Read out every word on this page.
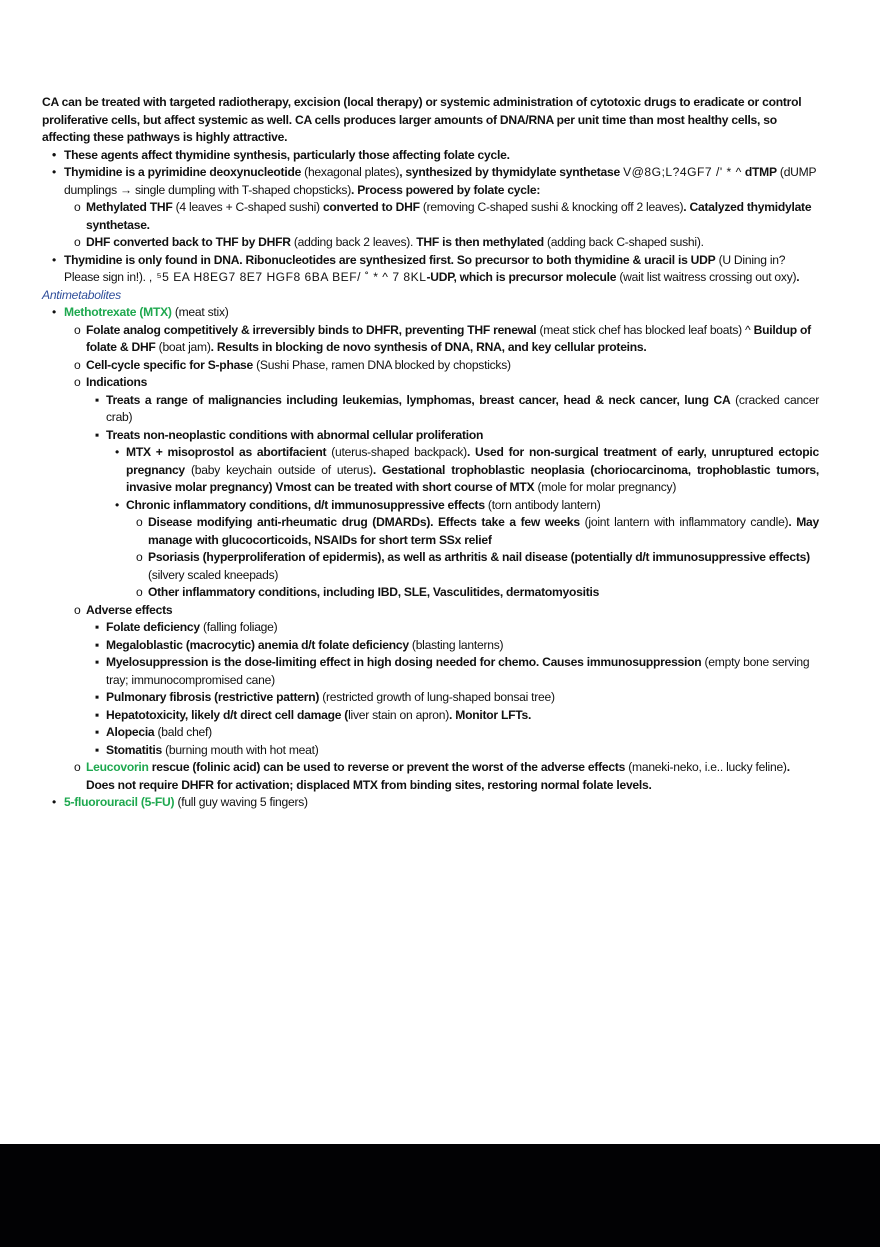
CA can be treated with targeted radiotherapy, excision (local therapy) or systemic administration of cytotoxic drugs to eradicate or control proliferative cells, but affect systemic as well. CA cells produces larger amounts of DNA/RNA per unit time than most healthy cells, so affecting these pathways is highly attractive.
• These agents affect thymidine synthesis, particularly those affecting folate cycle.
• Thymidine is a pyrimidine deoxynucleotide (hexagonal plates), synthesized by thymidylate synthetase V@8G;L?4GF7 /' * ^ dTMP (dUMP dumplings → single dumpling with T-shaped chopsticks). Process powered by folate cycle:
o Methylated THF (4 leaves + C-shaped sushi) converted to DHF (removing C-shaped sushi & knocking off 2 leaves). Catalyzed thymidylate synthetase.
o DHF converted back to THF by DHFR (adding back 2 leaves). THF is then methylated (adding back C-shaped sushi).
• Thymidine is only found in DNA. Ribonucleotides are synthesized first. So precursor to both thymidine & uracil is UDP (U Dining in? Please sign in!). , ⁵5 EA H8EG7 8E7 HGF8 6BA BEF/ ˚ * ^ 7 8KL-UDP, which is precursor molecule (wait list waitress crossing out oxy).
Antimetabolites
• Methotrexate (MTX) (meat stix)
o Folate analog competitively & irreversibly binds to DHFR, preventing THF renewal (meat stick chef has blocked leaf boats) ^ Buildup of folate & DHF (boat jam). Results in blocking de novo synthesis of DNA, RNA, and key cellular proteins.
o Cell-cycle specific for S-phase (Sushi Phase, ramen DNA blocked by chopsticks)
o Indications
▪ Treats a range of malignancies including leukemias, lymphomas, breast cancer, head & neck cancer, lung CA (cracked cancer crab)
▪ Treats non-neoplastic conditions with abnormal cellular proliferation
• MTX + misoprostol as abortifacient (uterus-shaped backpack). Used for non-surgical treatment of early, unruptured ectopic pregnancy (baby keychain outside of uterus). Gestational trophoblastic neoplasia (choriocarcinoma, trophoblastic tumors, invasive molar pregnancy) Vmost can be treated with short course of MTX (mole for molar pregnancy)
• Chronic inflammatory conditions, d/t immunosuppressive effects (torn antibody lantern)
o Disease modifying anti-rheumatic drug (DMARDs). Effects take a few weeks (joint lantern with inflammatory candle). May manage with glucocorticoids, NSAIDs for short term SSx relief
o Psoriasis (hyperproliferation of epidermis), as well as arthritis & nail disease (potentially d/t immunosuppressive effects) (silvery scaled kneepads)
o Other inflammatory conditions, including IBD, SLE, Vasculitides, dermatomyositis
o Adverse effects
▪ Folate deficiency (falling foliage)
▪ Megaloblastic (macrocytic) anemia d/t folate deficiency (blasting lanterns)
▪ Myelosuppression is the dose-limiting effect in high dosing needed for chemo. Causes immunosuppression (empty bone serving tray; immunocompromised cane)
▪ Pulmonary fibrosis (restrictive pattern) (restricted growth of lung-shaped bonsai tree)
▪ Hepatotoxicity, likely d/t direct cell damage (liver stain on apron). Monitor LFTs.
▪ Alopecia (bald chef)
▪ Stomatitis (burning mouth with hot meat)
o Leucovorin rescue (folinic acid) can be used to reverse or prevent the worst of the adverse effects (maneki-neko, i.e.. lucky feline). Does not require DHFR for activation; displaced MTX from binding sites, restoring normal folate levels.
• 5-fluorouracil (5-FU) (full guy waving 5 fingers)
